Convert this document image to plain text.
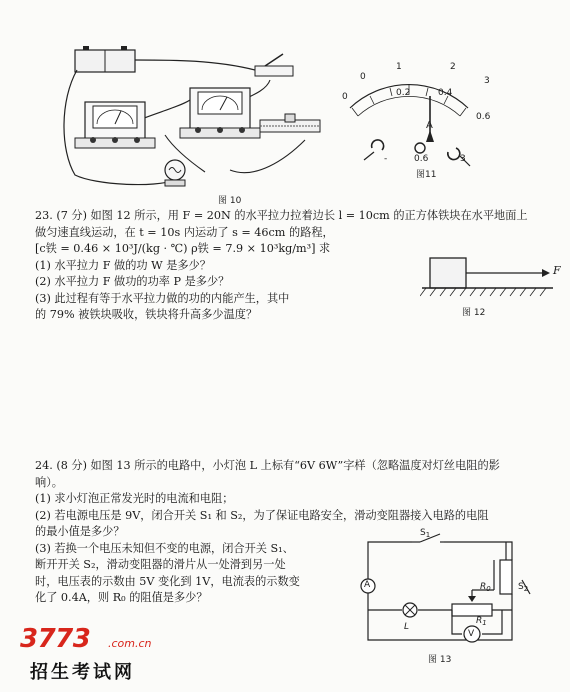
图 10
0
1	2
3
0	0.2	0.4
0.6
A
-	0.6	3
图11
23. (7 分) 如图 12 所示，用 F = 20N 的水平拉力拉着边长 l = 10cm 的正方体铁块在水平地面上
做匀速直线运动，在 t = 10s 内运动了 s = 46cm 的路程，
[c铁 = 0.46 × 10³J/(kg · ℃) ρ铁 = 7.9 × 10³kg/m³] 求
(1) 水平拉力 F 做的功 W 是多少？
(2) 水平拉力 F 做功的功率 P 是多少？
(3) 此过程有等于水平拉力做的功的内能产生，其中
的 79% 被铁块吸收，铁块将升高多少温度？
F
图 12
24. (8 分) 如图 13 所示的电路中，小灯泡 L 上标有“6V 6W”字样（忽略温度对灯丝电阻的影
响）。
(1) 求小灯泡正常发光时的电流和电阻；
(2) 若电源电压是 9V，闭合开关 S₁ 和 S₂，为了保证电路安全，滑动变阻器接入电路的电阻
的最小值是多少？
(3) 若换一个电压未知但不变的电源，闭合开关 S₁、
断开开关 S₂，滑动变阻器的滑片从一处滑到另一处
时，电压表的示数由 5V 变化到 1V，电流表的示数变
化了 0.4A，则 R₀ 的阻值是多少？
$S_1$
A	$R_0$	$S_2$
$R_1$
L
V
图 13
3773 .com.cn
招生考试网
